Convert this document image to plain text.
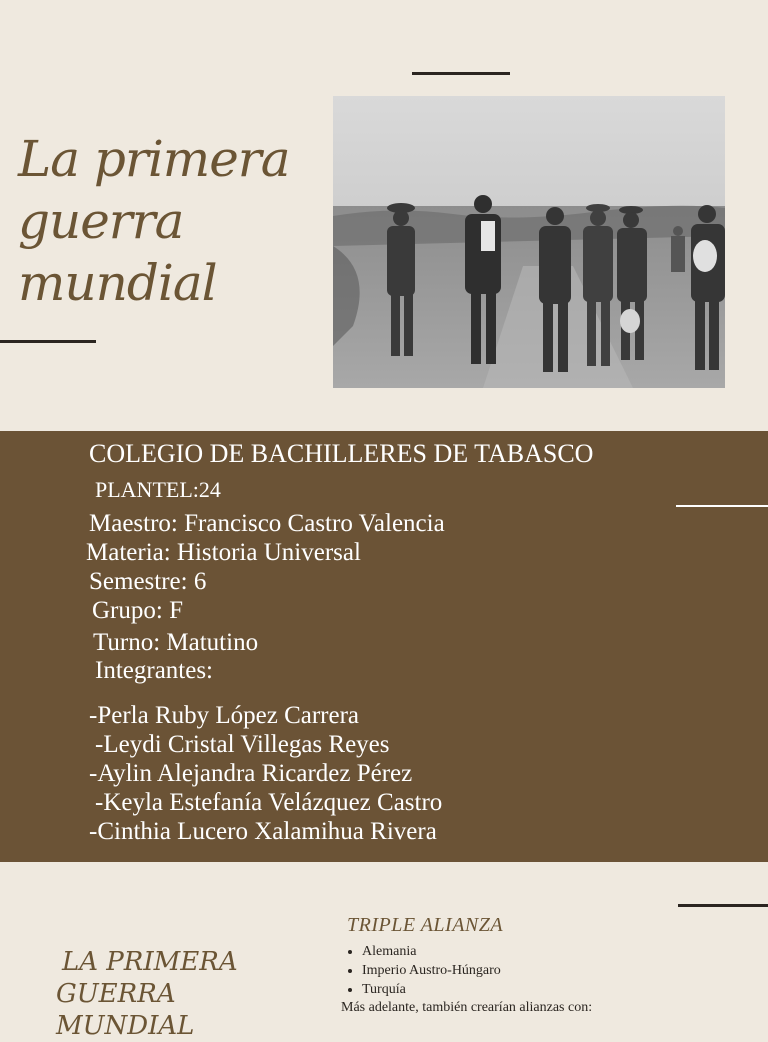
La primera
guerra
mundial
COLEGIO DE BACHILLERES DE TABASCO
PLANTEL:24
Maestro: Francisco Castro Valencia
Materia: Historia Universal
Semestre: 6
Grupo: F
Turno: Matutino
Integrantes:
-Perla Ruby López Carrera
-Leydi Cristal Villegas Reyes
-Aylin Alejandra Ricardez Pérez
-Keyla Estefanía Velázquez Castro
-Cinthia Lucero Xalamihua Rivera
LA PRIMERA
GUERRA
MUNDIAL
TRIPLE ALIANZA
• Alemania
• Imperio Austro-Húngaro
• Turquía
Más adelante, también crearían alianzas con:
